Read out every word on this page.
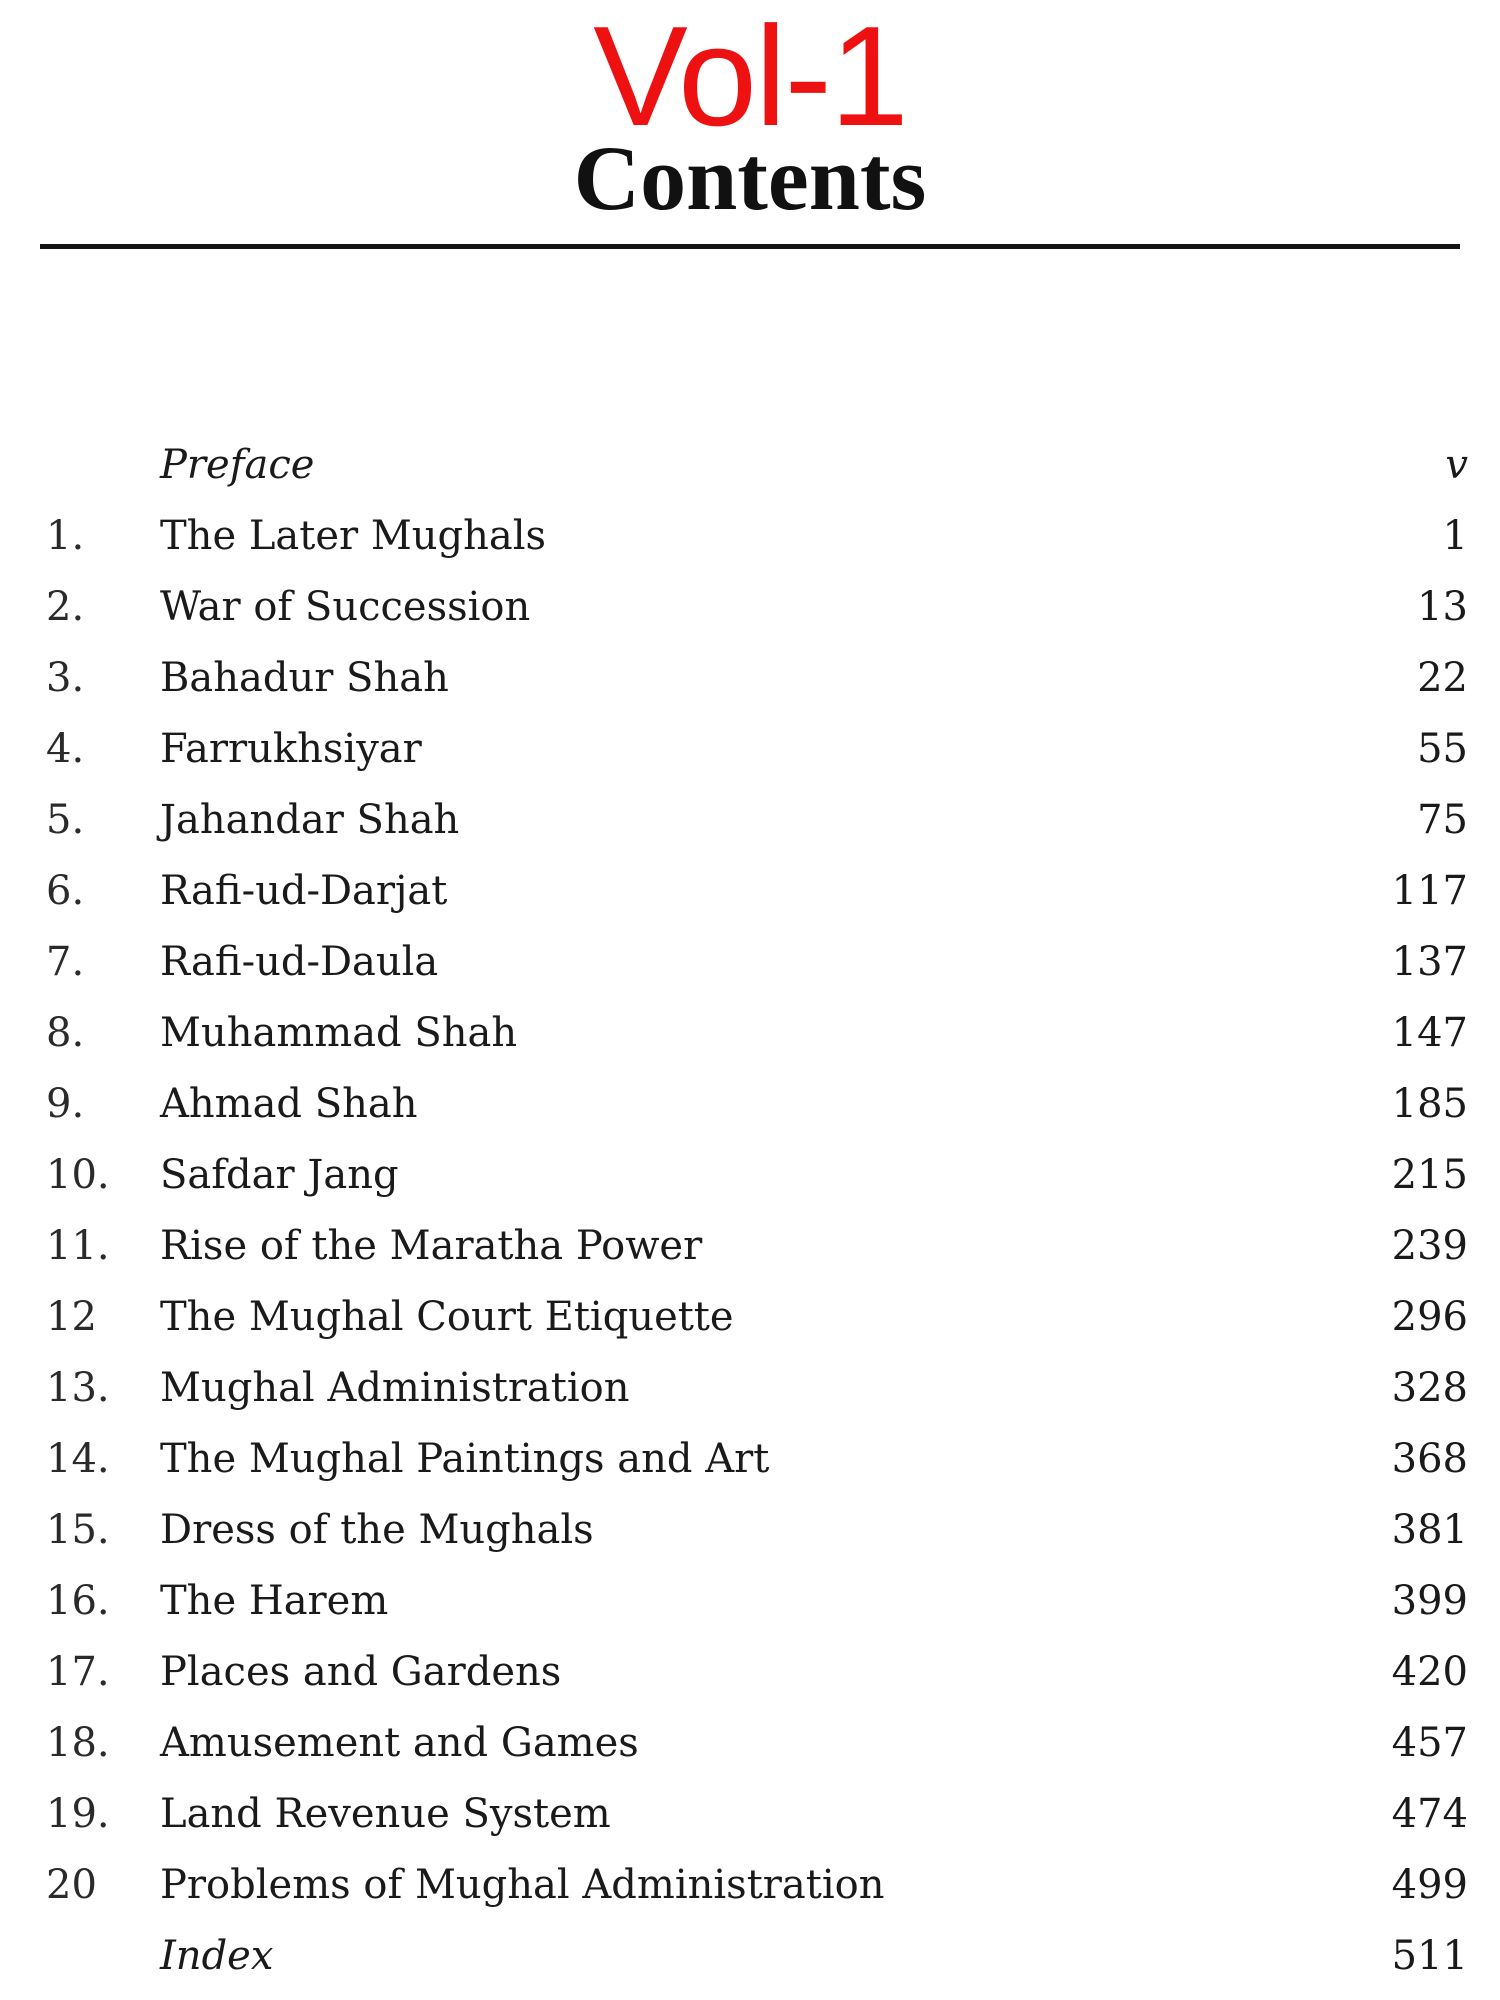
Vol-1
Contents
Preface	v
1. The Later Mughals	1
2. War of Succession	13
3. Bahadur Shah	22
4. Farrukhsiyar	55
5. Jahandar Shah	75
6. Rafi-ud-Darjat	117
7. Rafi-ud-Daula	137
8. Muhammad Shah	147
9. Ahmad Shah	185
10. Safdar Jang	215
11. Rise of the Maratha Power	239
12 The Mughal Court Etiquette	296
13. Mughal Administration	328
14. The Mughal Paintings and Art	368
15. Dress of the Mughals	381
16. The Harem	399
17. Places and Gardens	420
18. Amusement and Games	457
19. Land Revenue System	474
20 Problems of Mughal Administration	499
Index	511
